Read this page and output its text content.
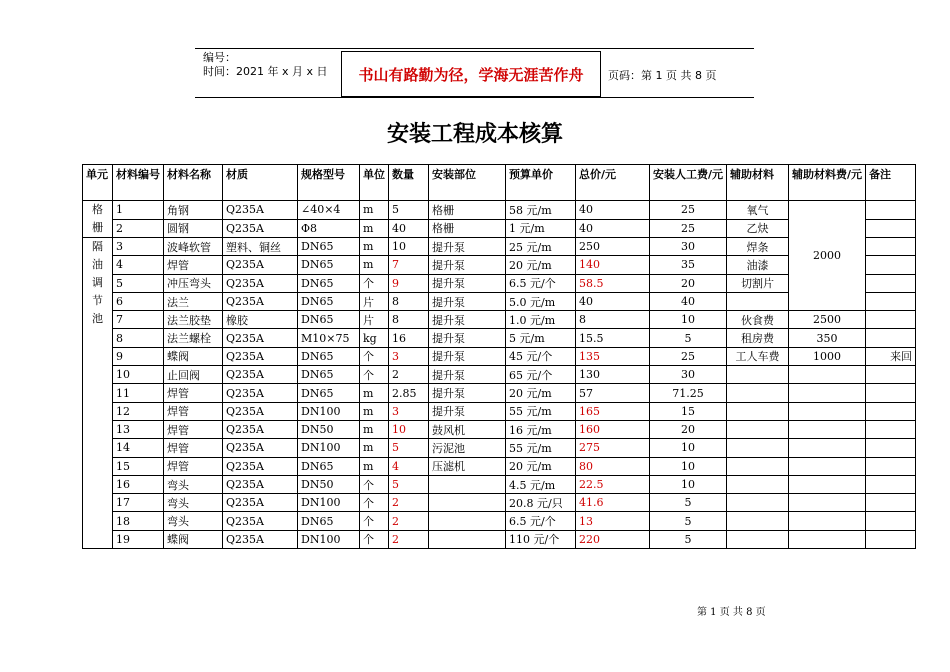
编号：
时间：2021 年 x 月 x 日	书山有路勤为径，学海无涯苦作舟	页码：第 1 页 共 8 页
安装工程成本核算
单元	材料编号	材料名称	材质	规格型号	单位	数量	安装部位	预算单价	总价/元	安装人工费/元	辅助材料	辅助材料费/元	备注
格栅	1	角钢	Q235A	∠40×4	m	5	格栅	58 元/m	40	25	氧气	2000	
	2	圆钢	Q235A	Φ8	m	40	格栅	1 元/m	40	25	乙炔		
隔油调节池	3	波峰软管	塑料、铜丝	DN65	m	10	提升泵	25 元/m	250	30	焊条		
	4	焊管	Q235A	DN65	m	7	提升泵	20 元/m	140	35	油漆		
	5	冲压弯头	Q235A	DN65	个	9	提升泵	6.5 元/个	58.5	20	切割片		
	6	法兰	Q235A	DN65	片	8	提升泵	5.0 元/m	40	40			
	7	法兰胶垫	橡胶	DN65	片	8	提升泵	1.0 元/m	8	10	伙食费	2500	
	8	法兰螺栓	Q235A	M10×75	kg	16	提升泵	5 元/m	15.5	5	租房费	350	
	9	蝶阀	Q235A	DN65	个	3	提升泵	45 元/个	135	25	工人车费	1000	来回
	10	止回阀	Q235A	DN65	个	2	提升泵	65 元/个	130	30			
	11	焊管	Q235A	DN65	m	2.85	提升泵	20 元/m	57	71.25			
	12	焊管	Q235A	DN100	m	3	提升泵	55 元/m	165	15			
	13	焊管	Q235A	DN50	m	10	鼓风机	16 元/m	160	20			
	14	焊管	Q235A	DN100	m	5	污泥池	55 元/m	275	10			
	15	焊管	Q235A	DN65	m	4	压滤机	20 元/m	80	10			
	16	弯头	Q235A	DN50	个	5		4.5 元/m	22.5	10			
	17	弯头	Q235A	DN100	个	2		20.8 元/只	41.6	5			
	18	弯头	Q235A	DN65	个	2		6.5 元/个	13	5			
	19	蝶阀	Q235A	DN100	个	2		110 元/个	220	5			
第 1 页 共 8 页
